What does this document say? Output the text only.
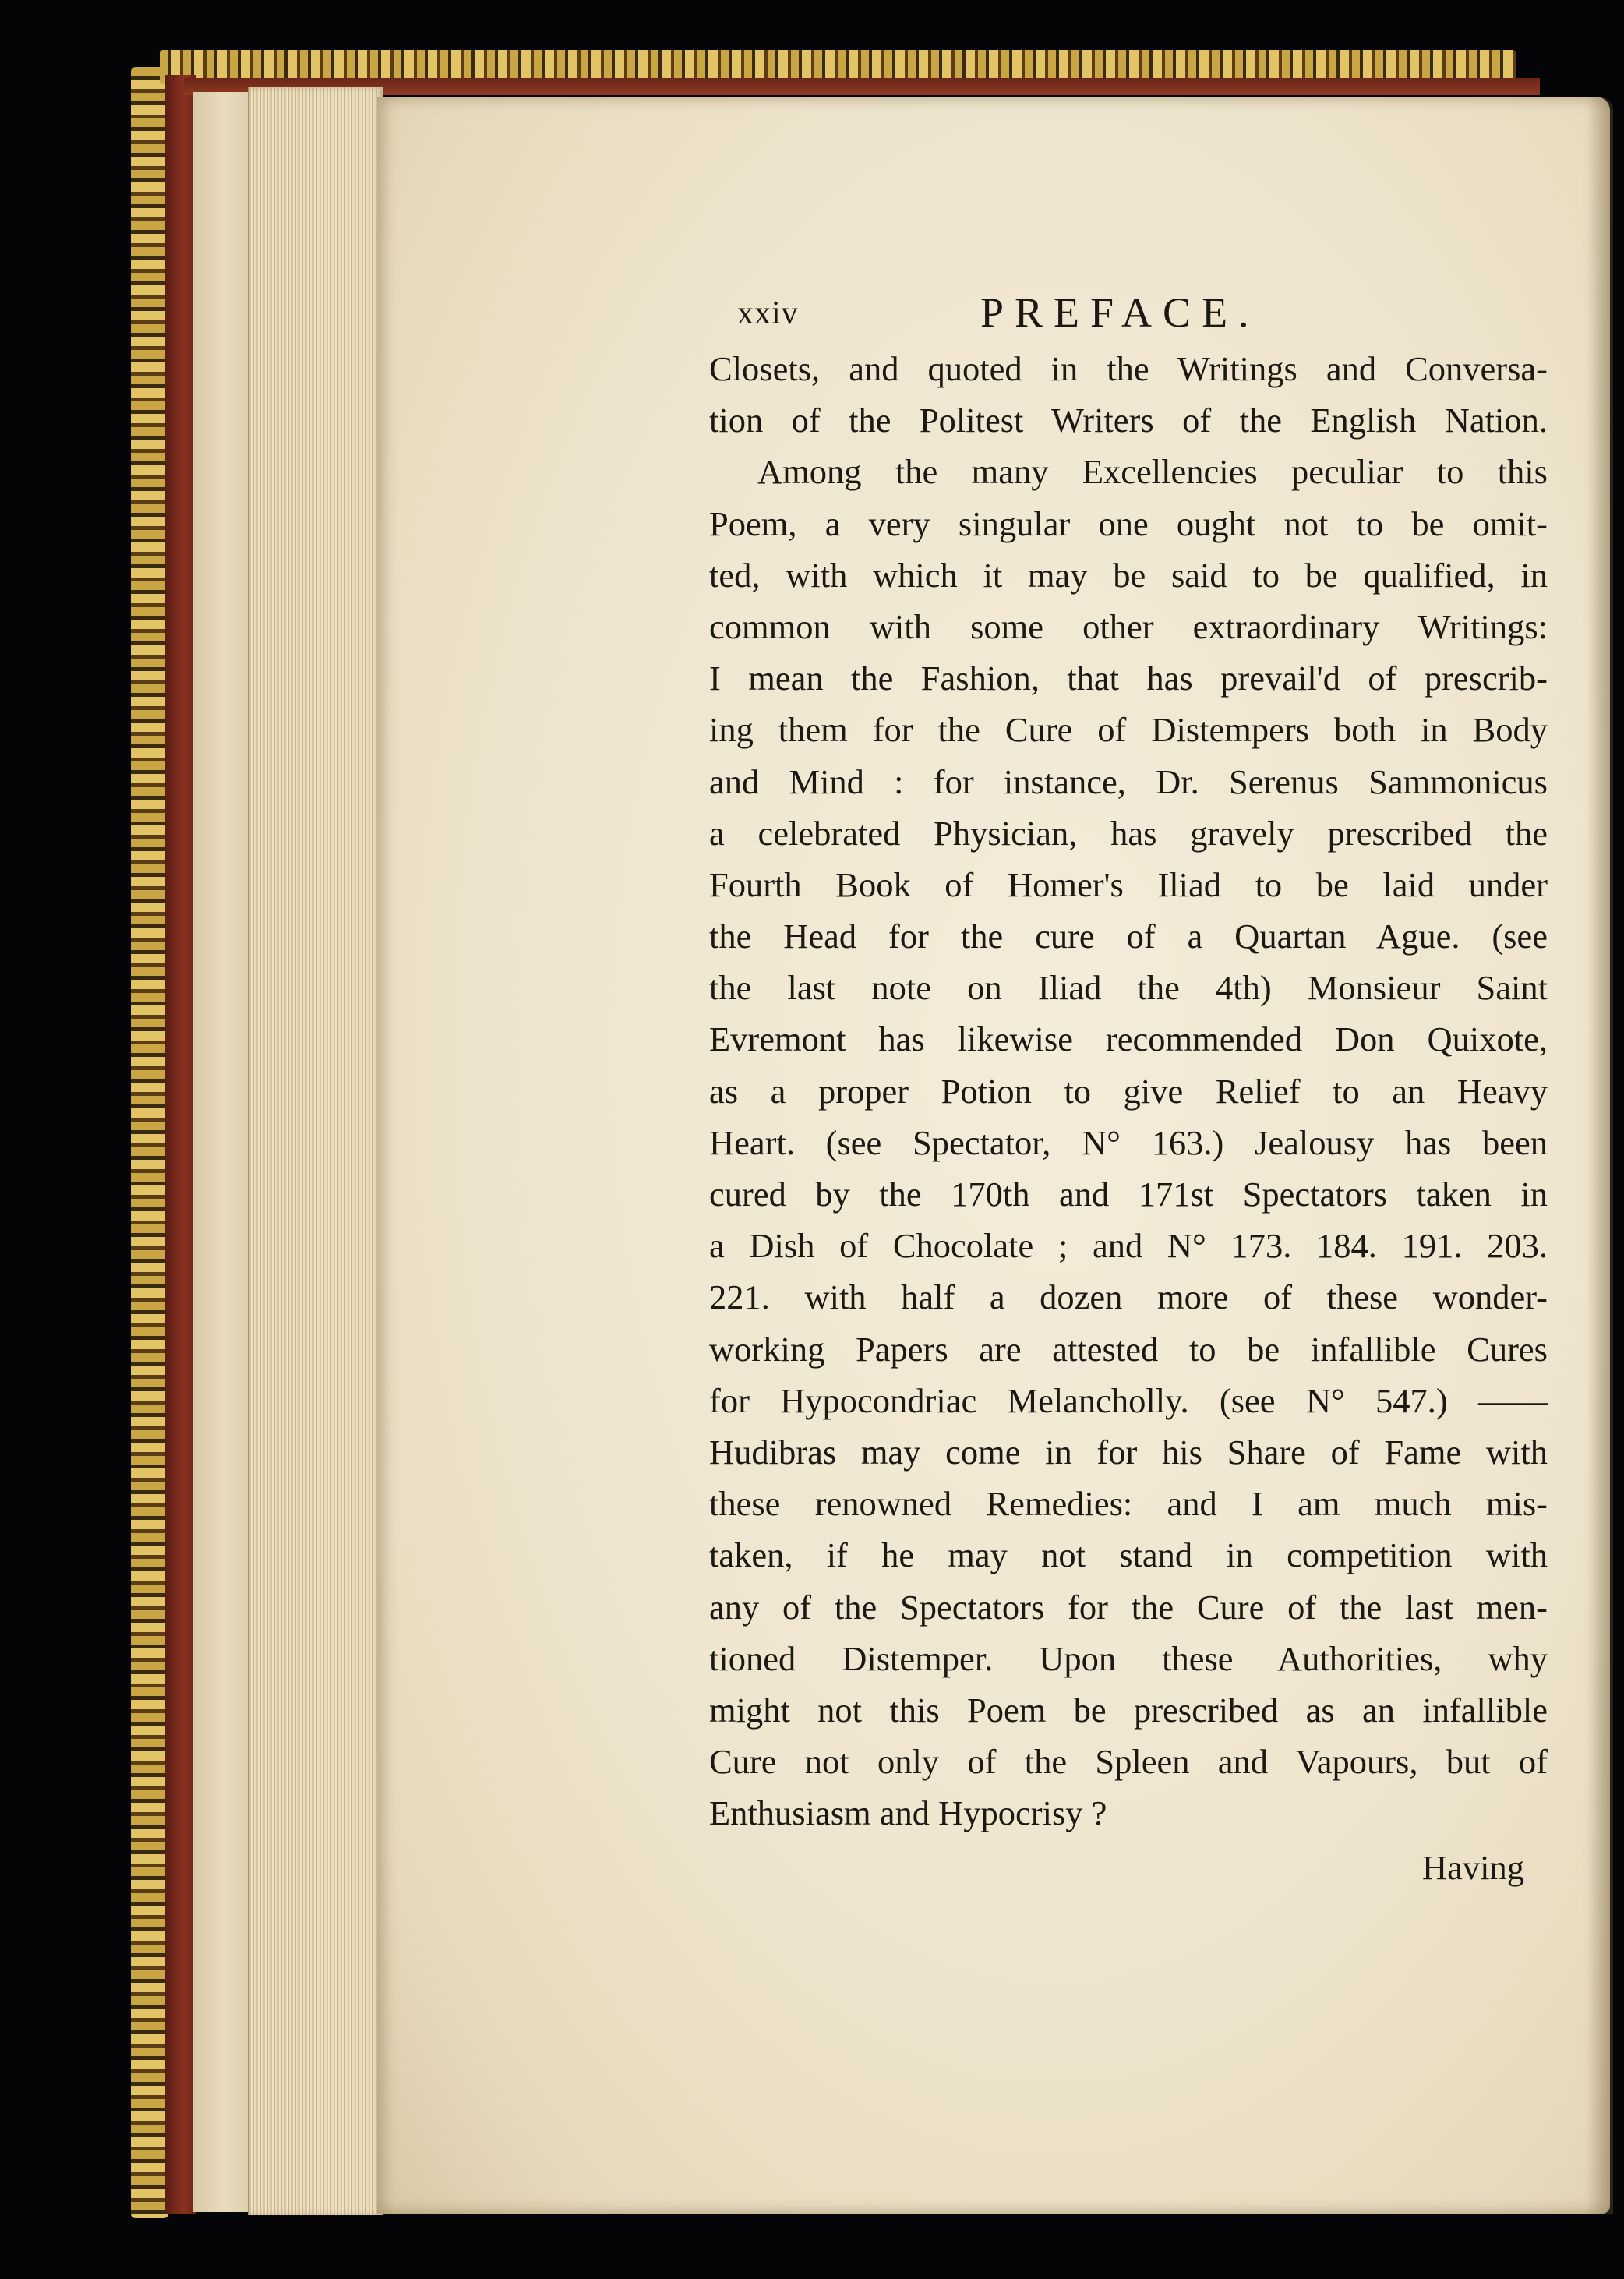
xxiv	PREFACE.
Closets, and quoted in the Writings and Conversa-
tion of the Politest Writers of the English Nation.
Among the many Excellencies peculiar to this
Poem, a very singular one ought not to be omit-
ted, with which it may be said to be qualified, in
common with some other extraordinary Writings:
I mean the Fashion, that has prevail'd of prescrib-
ing them for the Cure of Distempers both in Body
and Mind : for instance, Dr. Serenus Sammonicus
a celebrated Physician, has gravely prescribed the
Fourth Book of Homer's Iliad to be laid under
the Head for the cure of a Quartan Ague. (see
the last note on Iliad the 4th) Monsieur Saint
Evremont has likewise recommended Don Quixote,
as a proper Potion to give Relief to an Heavy
Heart. (see Spectator, N° 163.) Jealousy has been
cured by the 170th and 171st Spectators taken in
a Dish of Chocolate ; and N° 173. 184. 191. 203.
221. with half a dozen more of these wonder-
working Papers are attested to be infallible Cures
for Hypocondriac Melancholly. (see N° 547.) ——
Hudibras may come in for his Share of Fame with
these renowned Remedies: and I am much mis-
taken, if he may not stand in competition with
any of the Spectators for the Cure of the last men-
tioned Distemper. Upon these Authorities, why
might not this Poem be prescribed as an infallible
Cure not only of the Spleen and Vapours, but of
Enthusiasm and Hypocrisy ?
Having
